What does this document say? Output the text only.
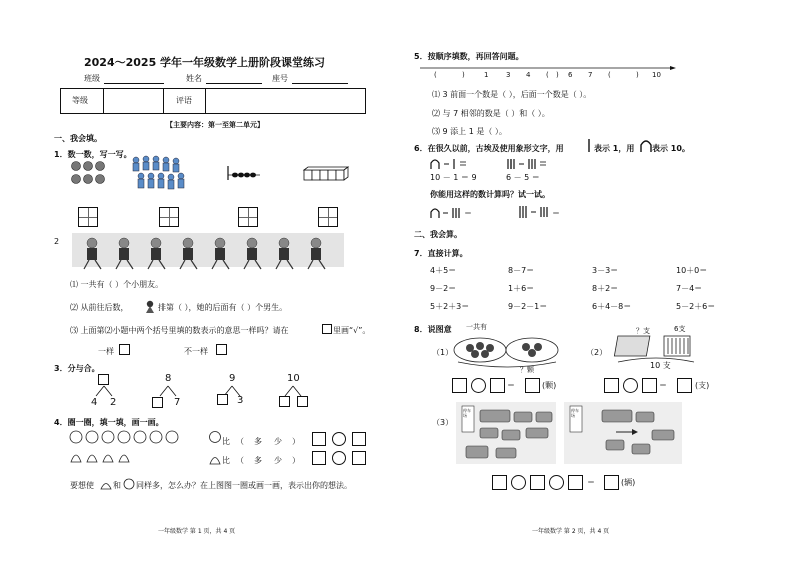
2024～2025 学年一年级数学上册阶段课堂练习
班级	姓名	座号
等级	评语
【主要内容：第一至第二单元】
一、我会填。
1．数一数，写一写。
2
⑴ 一共有（ ）个小朋友。
⑵ 从前往后数，	排第（ ），她的后面有（ ）个男生。
⑶ 上面第⑵小题中两个括号里填的数表示的意思一样吗？请在	里画“√”。
一样	不一样
3．分与合。
4 2
8
7
9
3
10
4．圈一圈，填一填，画一画。
比 （ 多 少 ）
比 （ 多 少 ）
要想使 和 同样多，怎么办？在上图图一圈或画一画，表示出你的想法。
一年级数学 第 1 页，共 4 页
5．按顺序填数，再回答问题。
(	)	1	3 4 ( ) 6 7 (	) 10
⑴ 3 前面一个数是（ ），后面一个数是（ ）。
⑵ 与 7 相邻的数是（ ）和（ ）。
⑶ 9 添上 1 是（ ）。
6．在很久以前，古埃及使用象形文字，用	表示 1，用 表示 10。
10 － 1 ＝ 9	6 － 5 ＝
你能用这样的数计算吗？试一试。
＝	＝
二、我会算。
7．直接计算。
4＋5＝	8－7＝	3－3＝	10＋0＝
9－2＝	1＋6＝	8＋2＝	7－4＝
5＋2＋3＝	9－2－1＝	6＋4－8＝	5－2＋6＝
8．说图意
（1）	（2）
（3）
一共有
？颗
？支	6支
10 支
＝	(颗)	＝	(支)
停车场
停车场
＝	(辆)
一年级数学 第 2 页，共 4 页
